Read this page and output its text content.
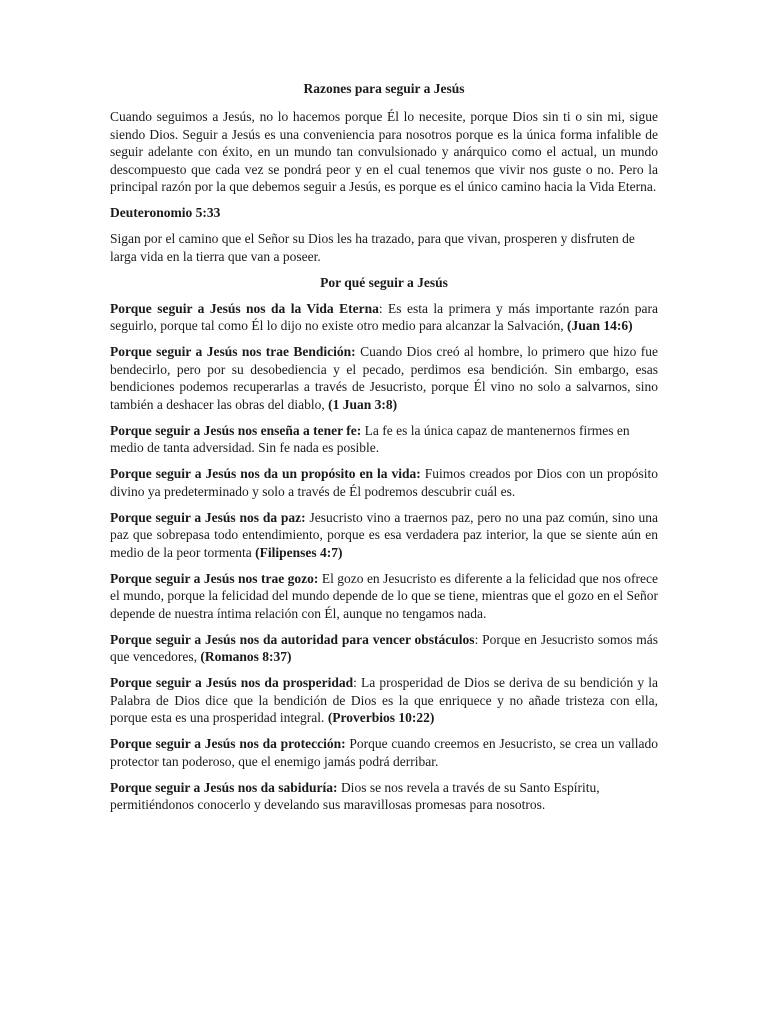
Razones para seguir a Jesús

Cuando seguimos a Jesús, no lo hacemos porque Él lo necesite, porque Dios sin ti o sin mi, sigue siendo Dios. Seguir a Jesús es una conveniencia para nosotros porque es la única forma infalible de seguir adelante con éxito, en un mundo tan convulsionado y anárquico como el actual, un mundo descompuesto que cada vez se pondrá peor y en el cual tenemos que vivir nos guste o no. Pero la principal razón por la que debemos seguir a Jesús, es porque es el único camino hacia la Vida Eterna.

Deuteronomio 5:33

Sigan por el camino que el Señor su Dios les ha trazado, para que vivan, prosperen y disfruten de larga vida en la tierra que van a poseer.

Por qué seguir a Jesús

Porque seguir a Jesús nos da la Vida Eterna: Es esta la primera y más importante razón para seguirlo, porque tal como Él lo dijo no existe otro medio para alcanzar la Salvación, (Juan 14:6)

Porque seguir a Jesús nos trae Bendición: Cuando Dios creó al hombre, lo primero que hizo fue bendecirlo, pero por su desobediencia y el pecado, perdimos esa bendición. Sin embargo, esas bendiciones podemos recuperarlas a través de Jesucristo, porque Él vino no solo a salvarnos, sino también a deshacer las obras del diablo, (1 Juan 3:8)

Porque seguir a Jesús nos enseña a tener fe: La fe es la única capaz de mantenernos firmes en medio de tanta adversidad. Sin fe nada es posible.

Porque seguir a Jesús nos da un propósito en la vida: Fuimos creados por Dios con un propósito divino ya predeterminado y solo a través de Él podremos descubrir cuál es.

Porque seguir a Jesús nos da paz: Jesucristo vino a traernos paz, pero no una paz común, sino una paz que sobrepasa todo entendimiento, porque es esa verdadera paz interior, la que se siente aún en medio de la peor tormenta (Filipenses 4:7)

Porque seguir a Jesús nos trae gozo: El gozo en Jesucristo es diferente a la felicidad que nos ofrece el mundo, porque la felicidad del mundo depende de lo que se tiene, mientras que el gozo en el Señor depende de nuestra íntima relación con Él, aunque no tengamos nada.

Porque seguir a Jesús nos da autoridad para vencer obstáculos: Porque en Jesucristo somos más que vencedores, (Romanos 8:37)

Porque seguir a Jesús nos da prosperidad: La prosperidad de Dios se deriva de su bendición y la Palabra de Dios dice que la bendición de Dios es la que enriquece y no añade tristeza con ella, porque esta es una prosperidad integral. (Proverbios 10:22)

Porque seguir a Jesús nos da protección: Porque cuando creemos en Jesucristo, se crea un vallado protector tan poderoso, que el enemigo jamás podrá derribar.

Porque seguir a Jesús nos da sabiduría: Dios se nos revela a través de su Santo Espíritu, permitiéndonos conocerlo y develando sus maravillosas promesas para nosotros.
